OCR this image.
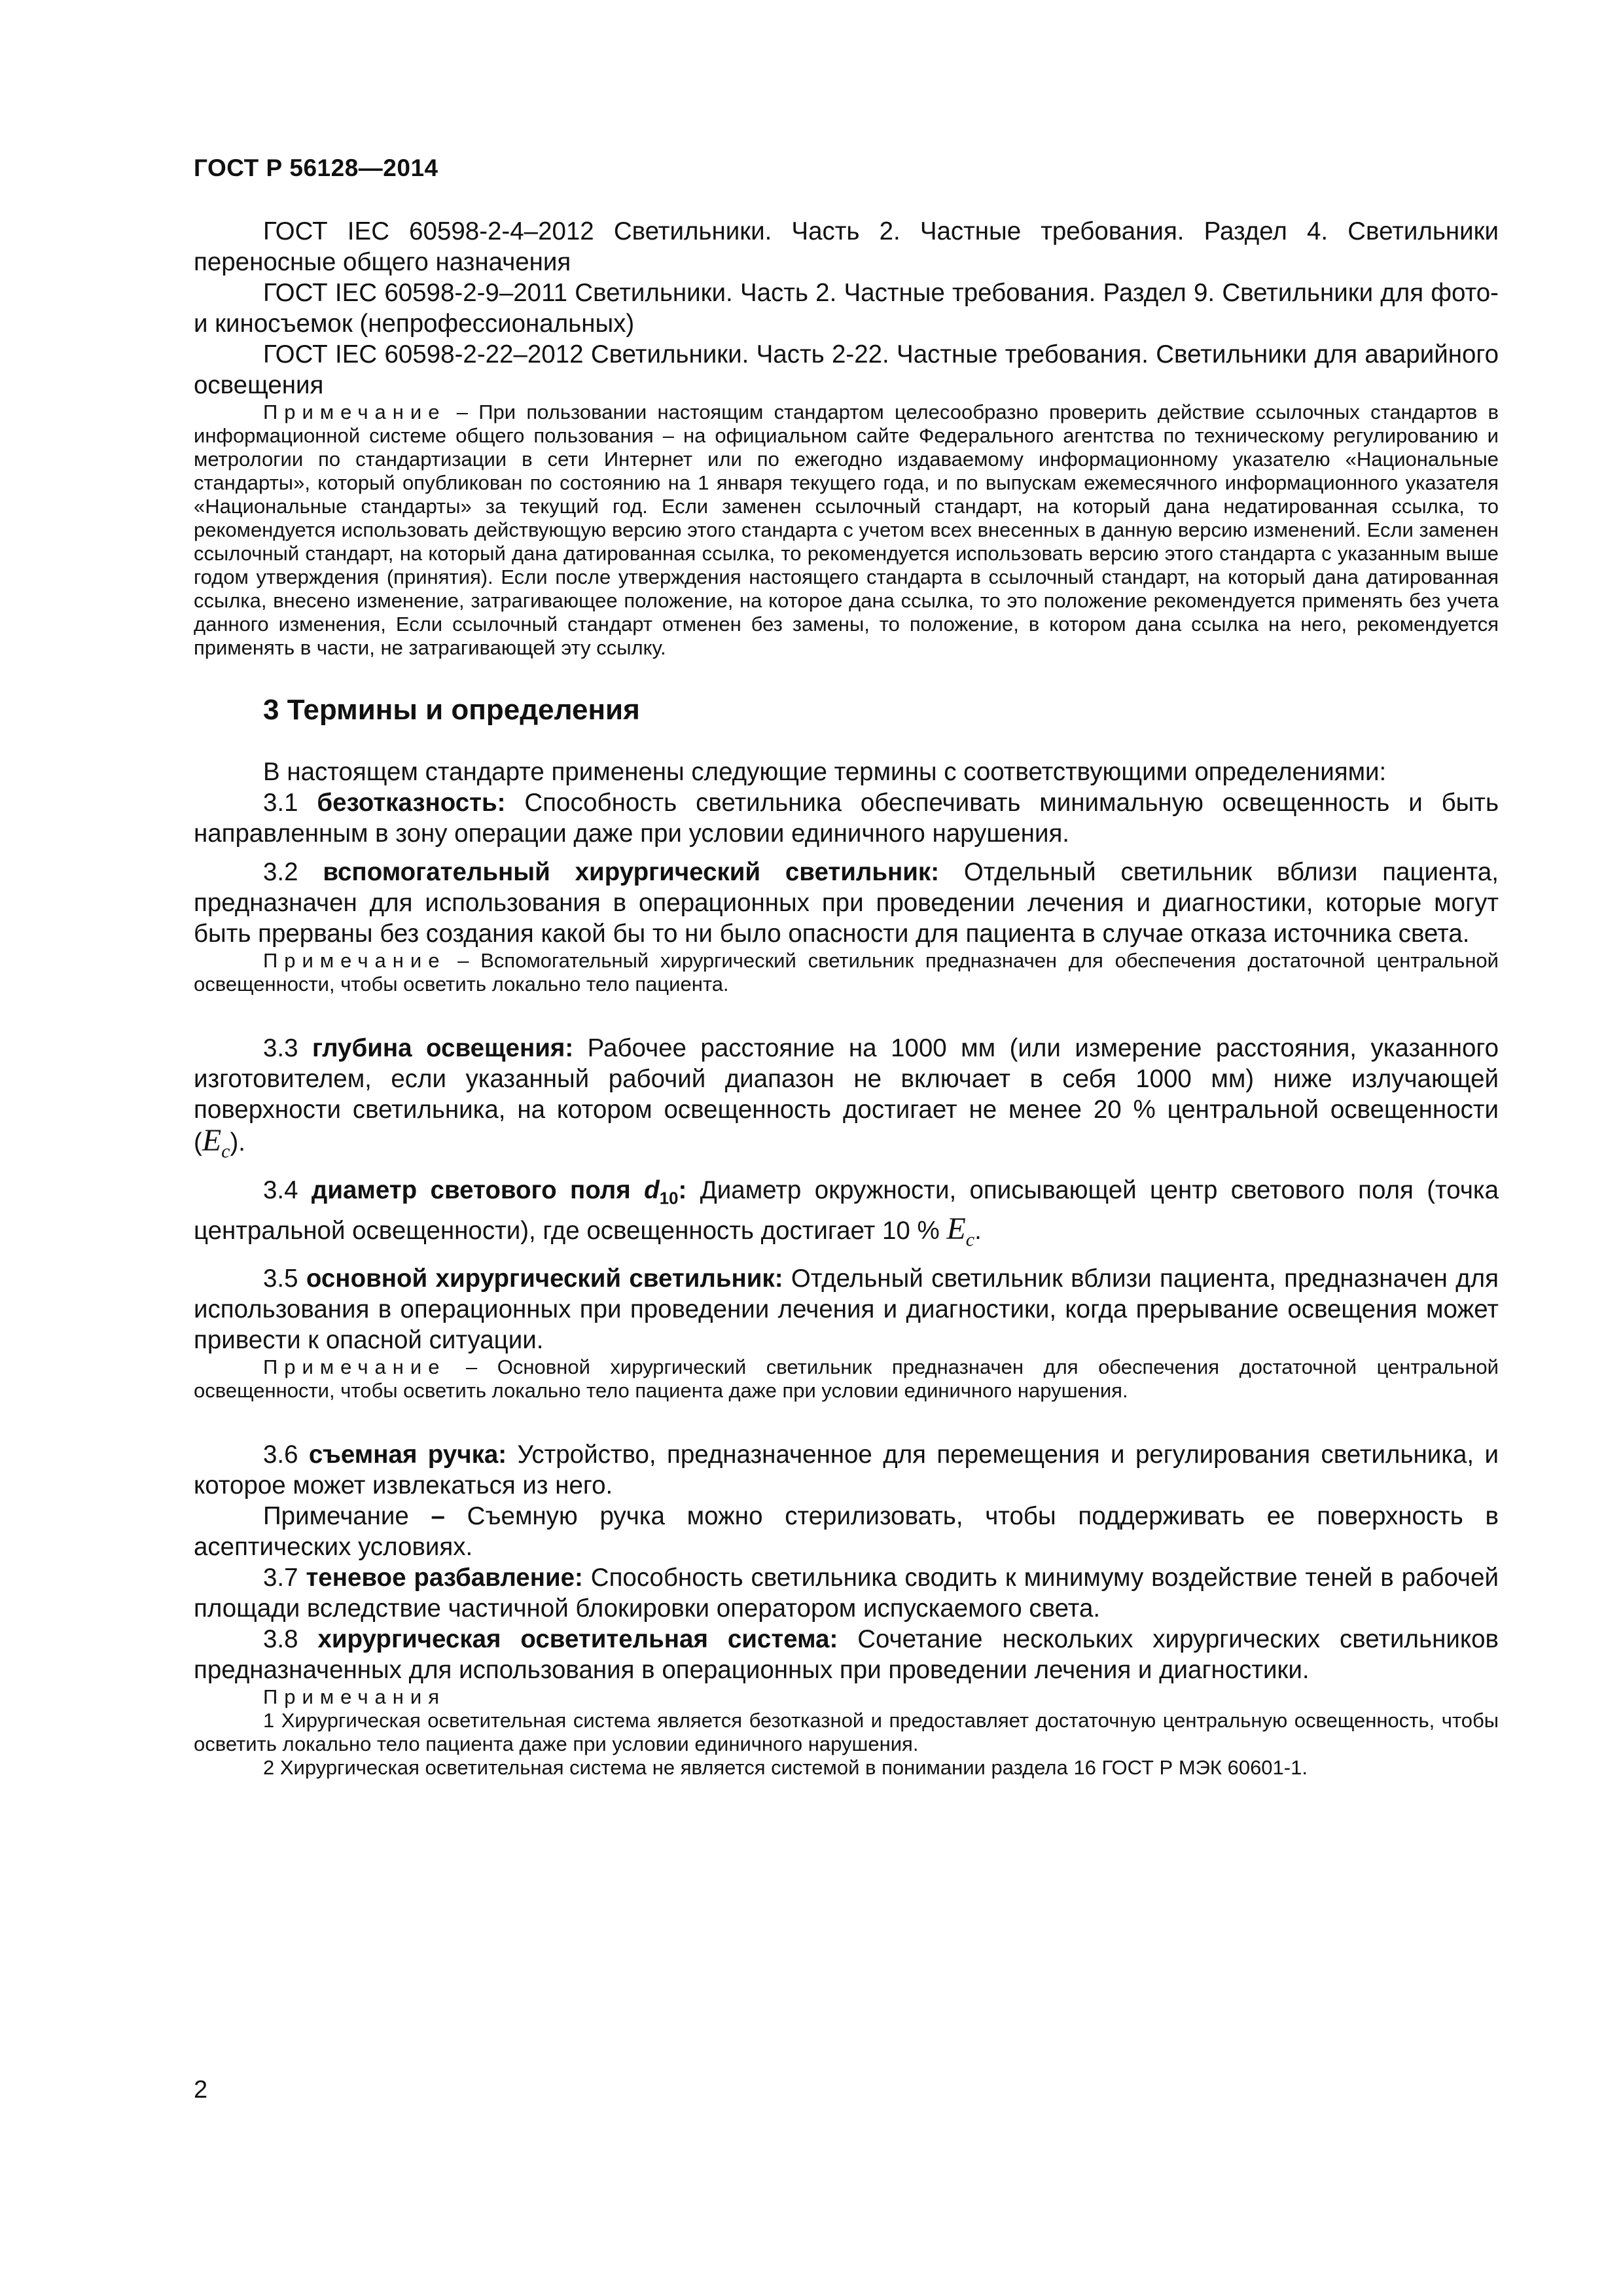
ГОСТ Р 56128—2014

ГОСТ IEC 60598-2-4–2012 Светильники. Часть 2. Частные требования. Раздел 4. Светильники переносные общего назначения

ГОСТ IEC 60598-2-9–2011 Светильники. Часть 2. Частные требования. Раздел 9. Светильники для фото- и киносъемок (непрофессиональных)

ГОСТ IEC 60598-2-22–2012 Светильники. Часть 2-22. Частные требования. Светильники для аварийного освещения

Примечание – При пользовании настоящим стандартом целесообразно проверить действие ссылочных стандартов в информационной системе общего пользования – на официальном сайте Федерального агентства по техническому регулированию и метрологии по стандартизации в сети Интернет или по ежегодно издаваемому информационному указателю «Национальные стандарты», который опубликован по состоянию на 1 января текущего года, и по выпускам ежемесячного информационного указателя «Национальные стандарты» за текущий год. Если заменен ссылочный стандарт, на который дана недатированная ссылка, то рекомендуется использовать действующую версию этого стандарта с учетом всех внесенных в данную версию изменений. Если заменен ссылочный стандарт, на который дана датированная ссылка, то рекомендуется использовать версию этого стандарта с указанным выше годом утверждения (принятия). Если после утверждения настоящего стандарта в ссылочный стандарт, на который дана датированная ссылка, внесено изменение, затрагивающее положение, на которое дана ссылка, то это положение рекомендуется применять без учета данного изменения, Если ссылочный стандарт отменен без замены, то положение, в котором дана ссылка на него, рекомендуется применять в части, не затрагивающей эту ссылку.

3 Термины и определения

В настоящем стандарте применены следующие термины с соответствующими определениями:

3.1 безотказность: Способность светильника обеспечивать минимальную освещенность и быть направленным в зону операции даже при условии единичного нарушения.

3.2 вспомогательный хирургический светильник: Отдельный светильник вблизи пациента, предназначен для использования в операционных при проведении лечения и диагностики, которые могут быть прерваны без создания какой бы то ни было опасности для пациента в случае отказа источника света.

Примечание – Вспомогательный хирургический светильник предназначен для обеспечения достаточной центральной освещенности, чтобы осветить локально тело пациента.

3.3 глубина освещения: Рабочее расстояние на 1000 мм (или измерение расстояния, указанного изготовителем, если указанный рабочий диапазон не включает в себя 1000 мм) ниже излучающей поверхности светильника, на котором освещенность достигает не менее 20 % центральной освещенности $(E_c)$.

3.4 диаметр светового поля $d_{10}$: Диаметр окружности, описывающей центр светового поля (точка центральной освещенности), где освещенность достигает 10 % $E_c$.

3.5 основной хирургический светильник: Отдельный светильник вблизи пациента, предназначен для использования в операционных при проведении лечения и диагностики, когда прерывание освещения может привести к опасной ситуации.

Примечание – Основной хирургический светильник предназначен для обеспечения достаточной центральной освещенности, чтобы осветить локально тело пациента даже при условии единичного нарушения.

3.6 съемная ручка: Устройство, предназначенное для перемещения и регулирования светильника, и которое может извлекаться из него.

Примечание – Съемную ручка можно стерилизовать, чтобы поддерживать ее поверхность в асептических условиях.

3.7 теневое разбавление: Способность светильника сводить к минимуму воздействие теней в рабочей площади вследствие частичной блокировки оператором испускаемого света.

3.8 хирургическая осветительная система: Сочетание нескольких хирургических светильников предназначенных для использования в операционных при проведении лечения и диагностики.

Примечания

1 Хирургическая осветительная система является безотказной и предоставляет достаточную центральную освещенность, чтобы осветить локально тело пациента даже при условии единичного нарушения.

2 Хирургическая осветительная система не является системой в понимании раздела 16 ГОСТ Р МЭК 60601-1.

2
